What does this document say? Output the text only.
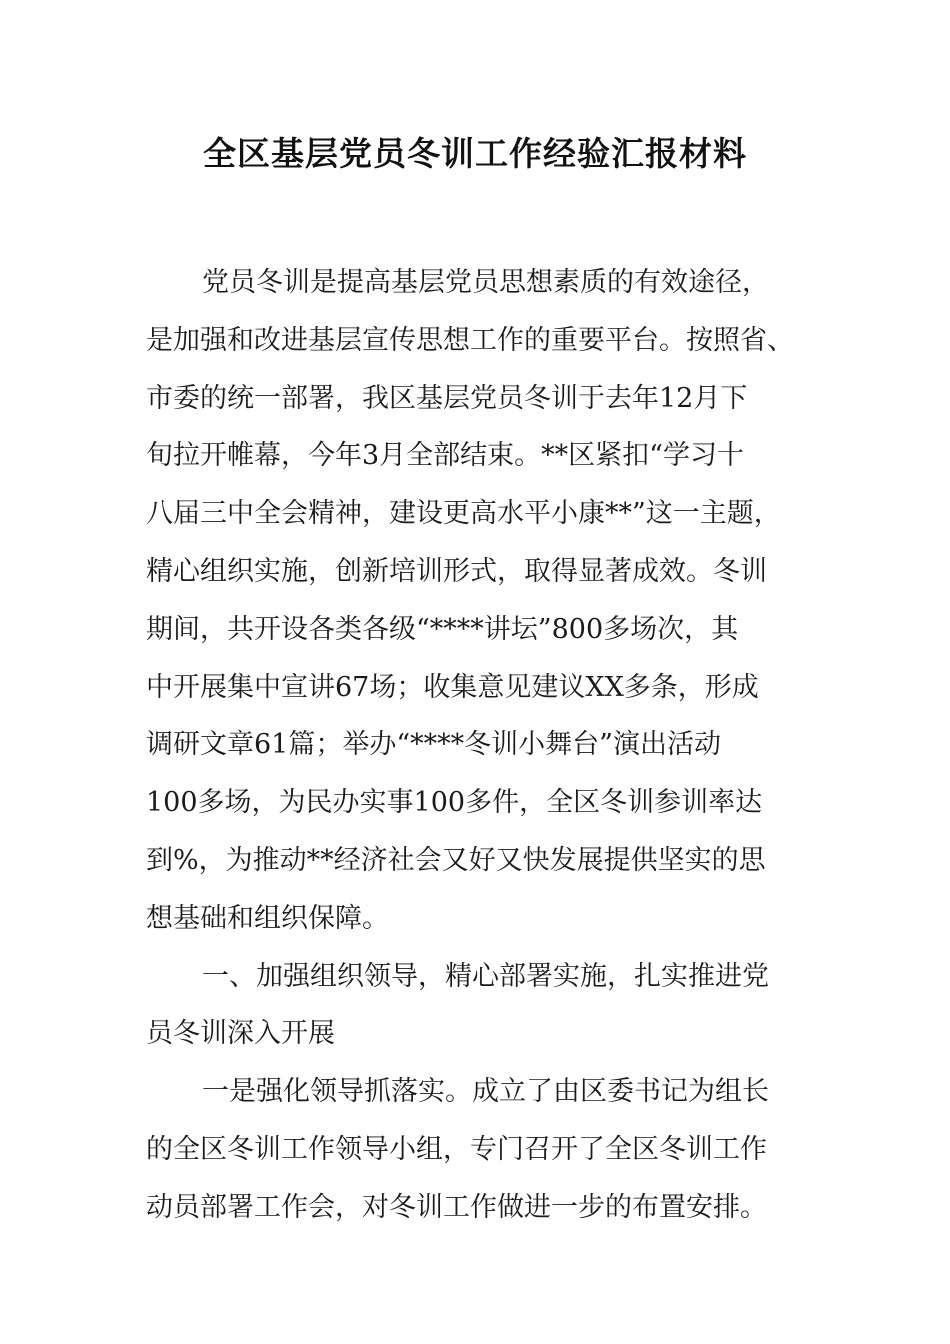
全区基层党员冬训工作经验汇报材料
党员冬训是提高基层党员思想素质的有效途径，
是加强和改进基层宣传思想工作的重要平台。按照省、
市委的统一部署，我区基层党员冬训于去年12月下
旬拉开帷幕，今年3月全部结束。**区紧扣“学习十
八届三中全会精神，建设更高水平小康**”这一主题，
精心组织实施，创新培训形式，取得显著成效。冬训
期间，共开设各类各级“****讲坛”800多场次，其
中开展集中宣讲67场；收集意见建议XX多条，形成
调研文章61篇；举办“****冬训小舞台”演出活动
100多场，为民办实事100多件，全区冬训参训率达
到%，为推动**经济社会又好又快发展提供坚实的思
想基础和组织保障。
一、加强组织领导，精心部署实施，扎实推进党
员冬训深入开展
一是强化领导抓落实。成立了由区委书记为组长
的全区冬训工作领导小组，专门召开了全区冬训工作
动员部署工作会，对冬训工作做进一步的布置安排。
